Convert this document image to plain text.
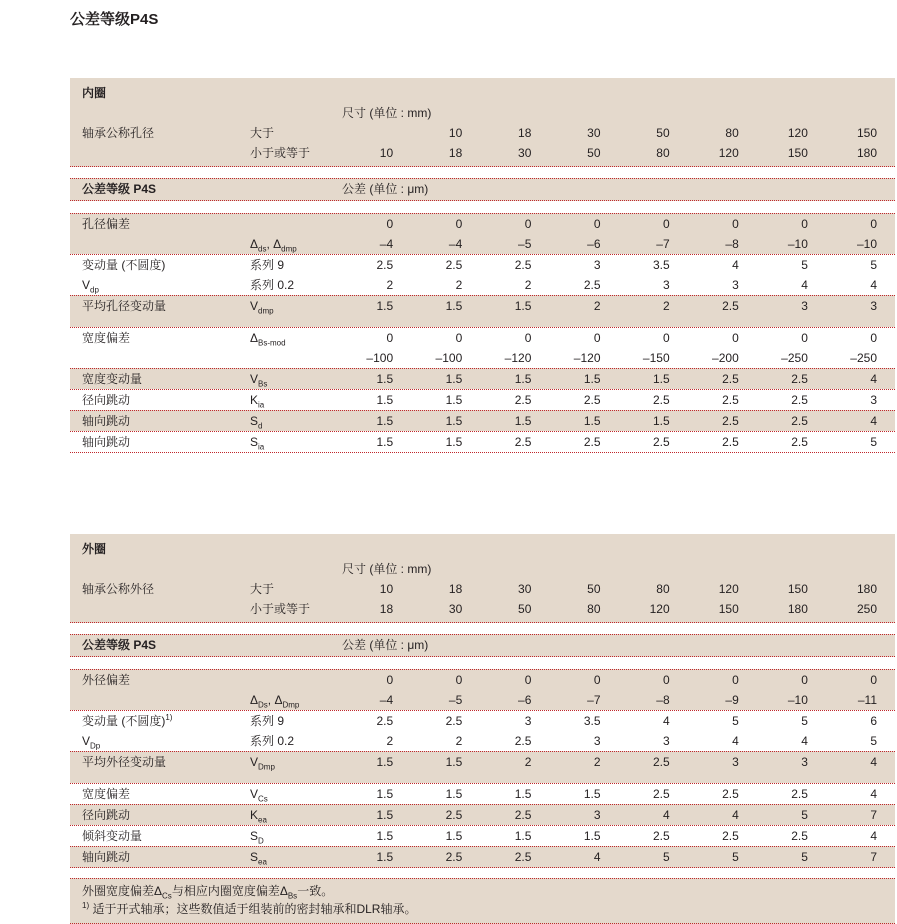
公差等级P4S
内圈
尺寸 (单位 : mm)
轴承公称孔径	大于	10	18	30	50	80	120	150
小于或等于	10	18	30	50	80	120	150	180
公差等级 P4S	公差 (单位 : μm)
孔径偏差	0	0	0	0	0	0	0	0
$\Delta_{ds}$, $\Delta_{dmp}$	–4	–4	–5	–6	–7	–8	–10	–10
变动量 (不圆度)	系列 9	2.5	2.5	2.5	3	3.5	4	5	5
$V_{dp}$	系列 0.2	2	2	2	2.5	3	3	4	4
平均孔径变动量	$V_{dmp}$	1.5	1.5	1.5	2	2	2.5	3	3
宽度偏差	$\Delta_{Bs-mod}$	0	0	0	0	0	0	0	0
–100	–100	–120	–120	–150	–200	–250	–250
宽度变动量	$V_{Bs}$	1.5	1.5	1.5	1.5	1.5	2.5	2.5	4
径向跳动	$K_{ia}$	1.5	1.5	2.5	2.5	2.5	2.5	2.5	3
轴向跳动	$S_d$	1.5	1.5	1.5	1.5	1.5	2.5	2.5	4
轴向跳动	$S_{ia}$	1.5	1.5	2.5	2.5	2.5	2.5	2.5	5
外圈
尺寸 (单位 : mm)
轴承公称外径	大于	10	18	30	50	80	120	150	180
小于或等于	18	30	50	80	120	150	180	250
公差等级 P4S	公差 (单位 : μm)
外径偏差	0	0	0	0	0	0	0	0
$\Delta_{Ds}$, $\Delta_{Dmp}$	–4	–5	–6	–7	–8	–9	–10	–11
变动量 (不圆度)$^{1)}$	系列 9	2.5	2.5	3	3.5	4	5	5	6
$V_{Dp}$	系列 0.2	2	2	2.5	3	3	4	4	5
平均外径变动量	$V_{Dmp}$	1.5	1.5	2	2	2.5	3	3	4
宽度偏差	$V_{Cs}$	1.5	1.5	1.5	1.5	2.5	2.5	2.5	4
径向跳动	$K_{ea}$	1.5	2.5	2.5	3	4	4	5	7
倾斜变动量	$S_D$	1.5	1.5	1.5	1.5	2.5	2.5	2.5	4
轴向跳动	$S_{ea}$	1.5	2.5	2.5	4	5	5	5	7
外圈宽度偏差$\Delta_{Cs}$与相应内圈宽度偏差$\Delta_{Bs}$一致。
$^{1)}$ 适于开式轴承；这些数值适于组装前的密封轴承和DLR轴承。
